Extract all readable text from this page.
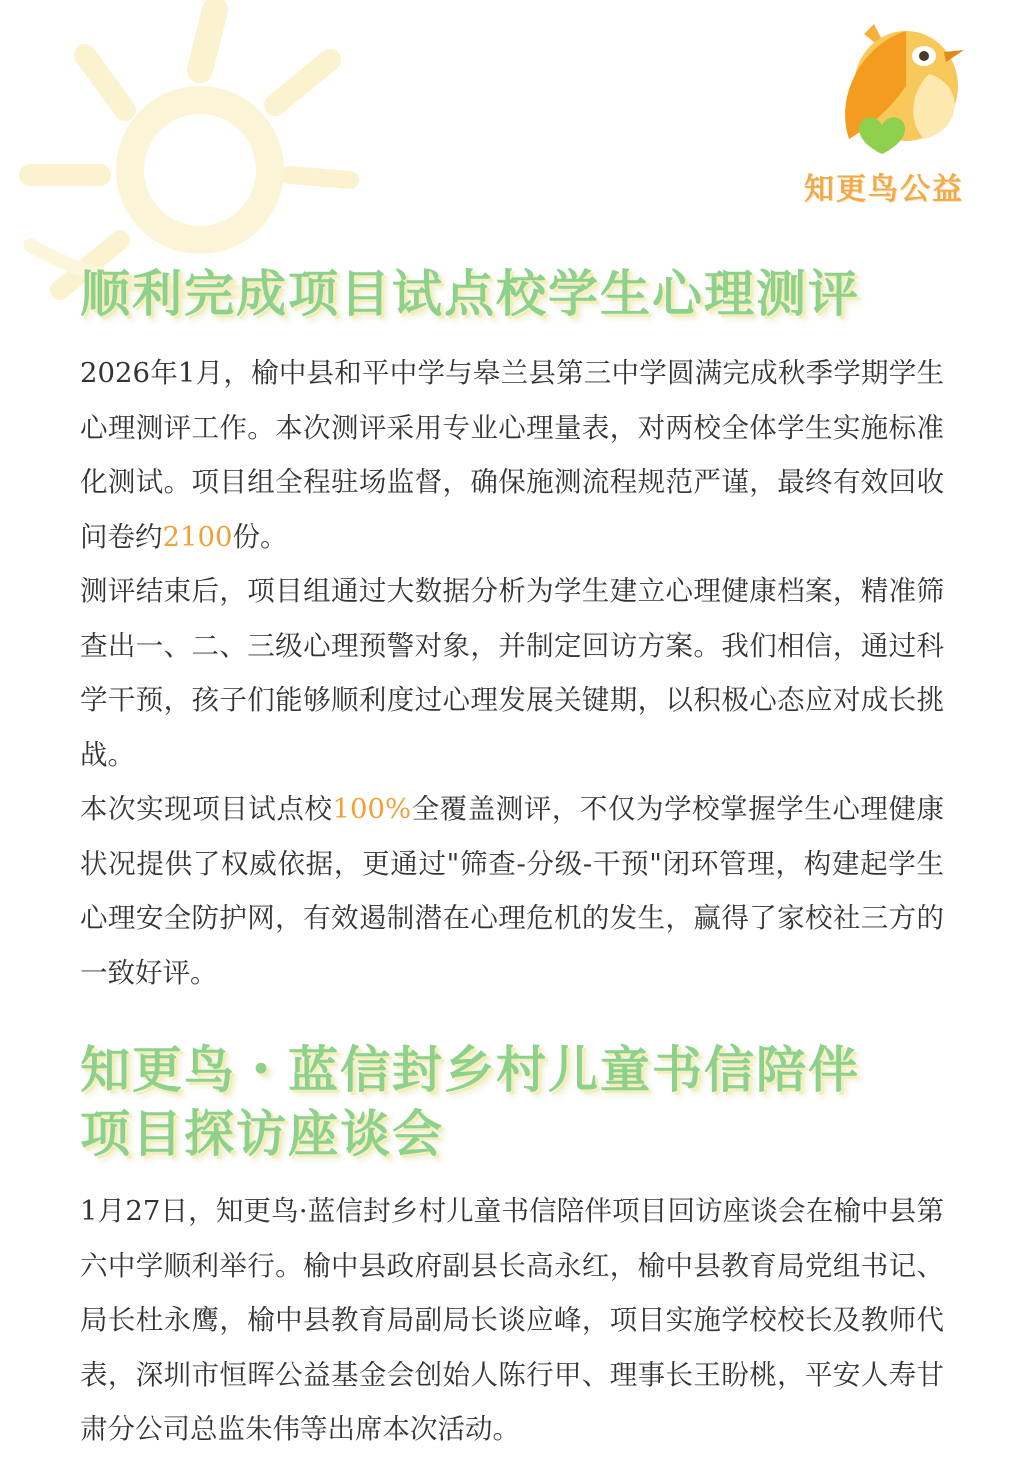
知更鸟公益
顺利完成项目试点校学生心理测评

2026年1月，榆中县和平中学与皋兰县第三中学圆满完成秋季学期学生心理测评工作。本次测评采用专业心理量表，对两校全体学生实施标准化测试。项目组全程驻场监督，确保施测流程规范严谨，最终有效回收问卷约2100份。

测评结束后，项目组通过大数据分析为学生建立心理健康档案，精准筛查出一、二、三级心理预警对象，并制定回访方案。我们相信，通过科学干预，孩子们能够顺利度过心理发展关键期，以积极心态应对成长挑战。

本次实现项目试点校100%全覆盖测评，不仅为学校掌握学生心理健康状况提供了权威依据，更通过"筛查-分级-干预"闭环管理，构建起学生心理安全防护网，有效遏制潜在心理危机的发生，赢得了家校社三方的一致好评。

知更鸟・蓝信封乡村儿童书信陪伴
项目探访座谈会

1月27日，知更鸟·蓝信封乡村儿童书信陪伴项目回访座谈会在榆中县第六中学顺利举行。榆中县政府副县长高永红，榆中县教育局党组书记、局长杜永鹰，榆中县教育局副局长谈应峰，项目实施学校校长及教师代表，深圳市恒晖公益基金会创始人陈行甲、理事长王盼桃，平安人寿甘肃分公司总监朱伟等出席本次活动。
